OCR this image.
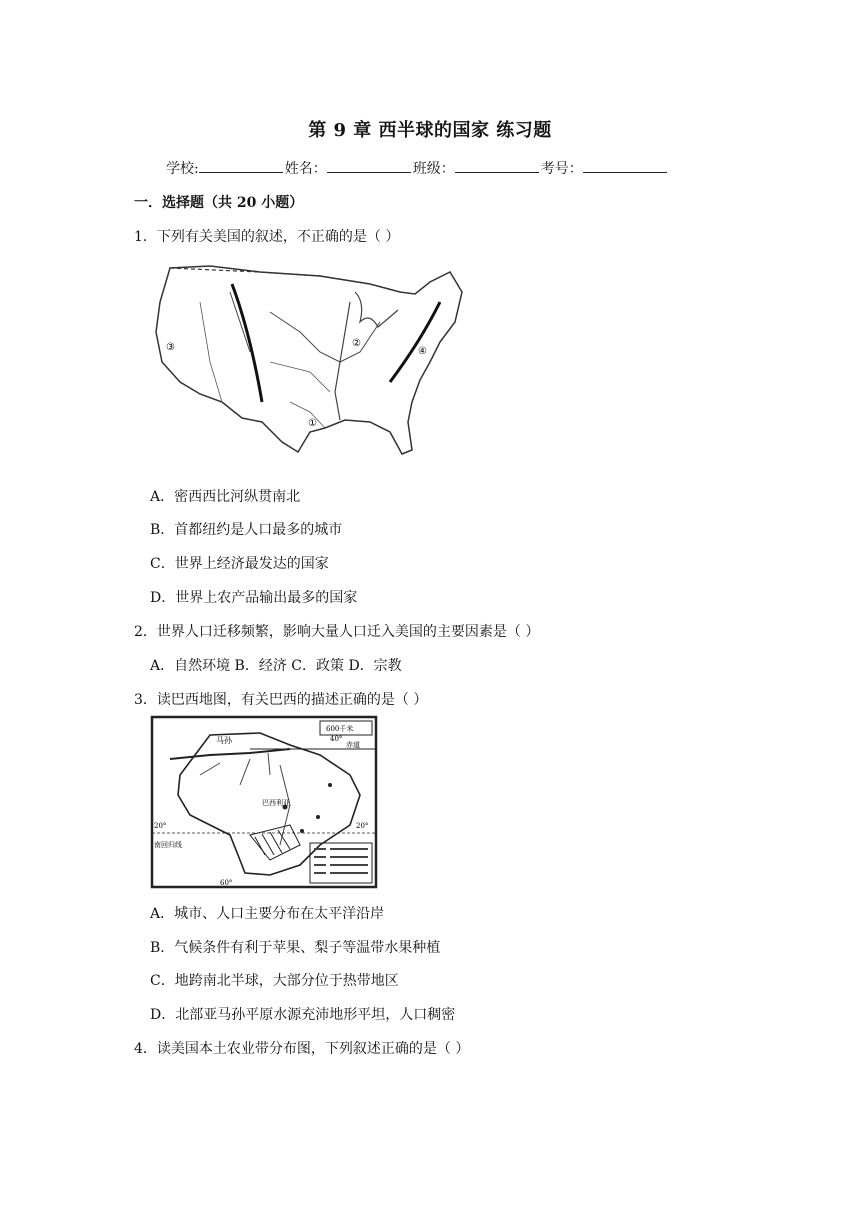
第 9 章 西半球的国家 练习题
学校:	姓名：	班级：	考号：
一．选择题（共 20 小题）
1．下列有关美国的叙述，不正确的是（ ）
③	②
④
①
A．密西西比河纵贯南北
B．首都纽约是人口最多的城市
C．世界上经济最发达的国家
D．世界上农产品输出最多的国家
2．世界人口迁移频繁，影响大量人口迁入美国的主要因素是（ ）
A．自然环境 B．经济 C．政策 D．宗教
3．读巴西地图，有关巴西的描述正确的是（ ）
600千米
赤道
40°
巴西利亚
马孙
20°	20°
南回归线
60°
A．城市、人口主要分布在太平洋沿岸
B．气候条件有利于苹果、梨子等温带水果种植
C．地跨南北半球，大部分位于热带地区
D．北部亚马孙平原水源充沛地形平坦，人口稠密
4．读美国本土农业带分布图，下列叙述正确的是（ ）
